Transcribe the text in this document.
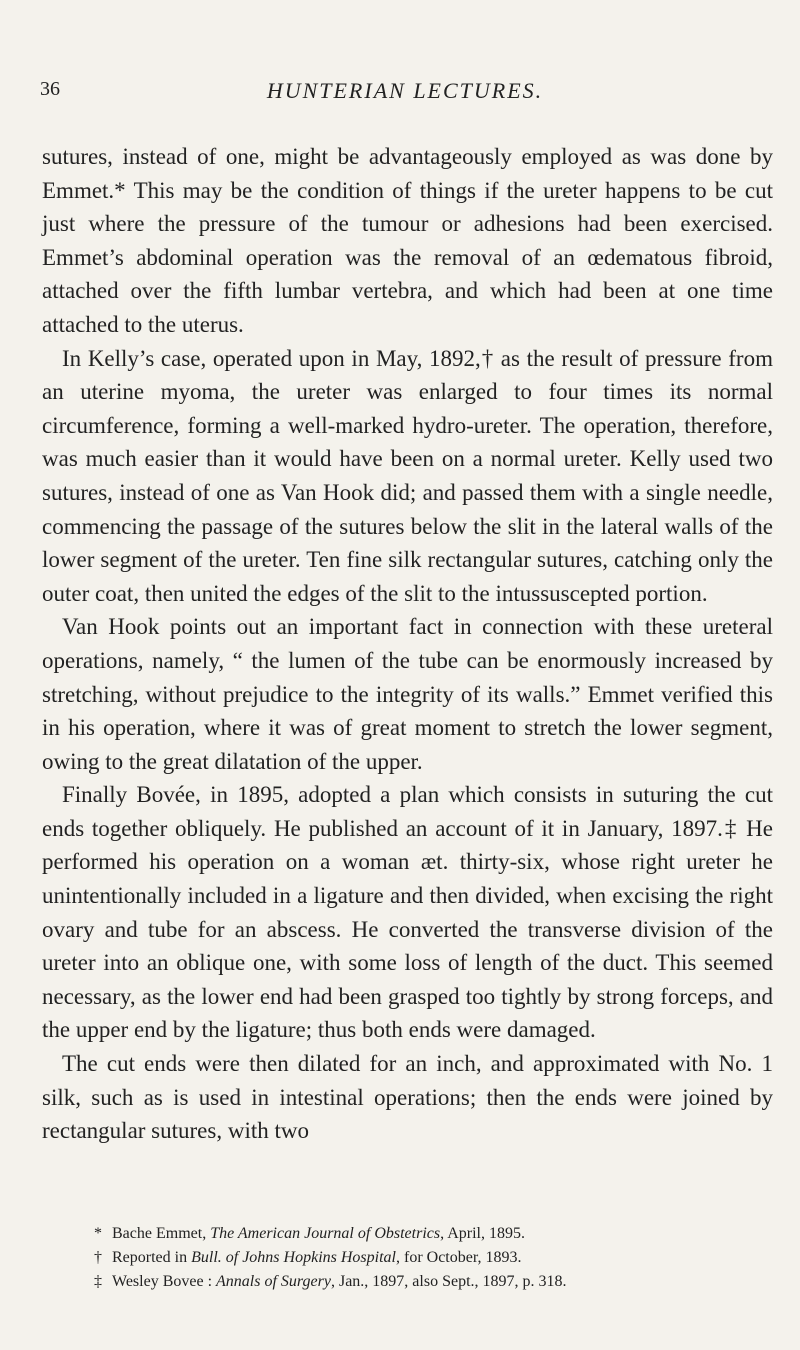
36	HUNTERIAN LECTURES.

sutures, instead of one, might be advantageously employed as was done by Emmet.* This may be the condition of things if the ureter happens to be cut just where the pressure of the tumour or adhesions had been exercised. Emmet’s abdominal operation was the removal of an œdematous fibroid, attached over the fifth lumbar vertebra, and which had been at one time attached to the uterus.

In Kelly’s case, operated upon in May, 1892,† as the result of pressure from an uterine myoma, the ureter was enlarged to four times its normal circumference, forming a well-marked hydro-ureter. The operation, therefore, was much easier than it would have been on a normal ureter. Kelly used two sutures, instead of one as Van Hook did; and passed them with a single needle, commencing the passage of the sutures below the slit in the lateral walls of the lower segment of the ureter. Ten fine silk rectangular sutures, catching only the outer coat, then united the edges of the slit to the intussuscepted portion.

Van Hook points out an important fact in connection with these ureteral operations, namely, “ the lumen of the tube can be enormously increased by stretching, without prejudice to the integrity of its walls.” Emmet verified this in his operation, where it was of great moment to stretch the lower segment, owing to the great dilatation of the upper.

Finally Bovée, in 1895, adopted a plan which consists in suturing the cut ends together obliquely. He published an account of it in January, 1897.‡ He performed his operation on a woman æt. thirty-six, whose right ureter he unintentionally included in a ligature and then divided, when excising the right ovary and tube for an abscess. He converted the transverse division of the ureter into an oblique one, with some loss of length of the duct. This seemed necessary, as the lower end had been grasped too tightly by strong forceps, and the upper end by the ligature; thus both ends were damaged.

The cut ends were then dilated for an inch, and approximated with No. 1 silk, such as is used in intestinal operations; then the ends were joined by rectangular sutures, with two

* Bache Emmet, The American Journal of Obstetrics, April, 1895.

† Reported in Bull. of Johns Hopkins Hospital, for October, 1893.

‡ Wesley Bovee : Annals of Surgery, Jan., 1897, also Sept., 1897, p. 318.
